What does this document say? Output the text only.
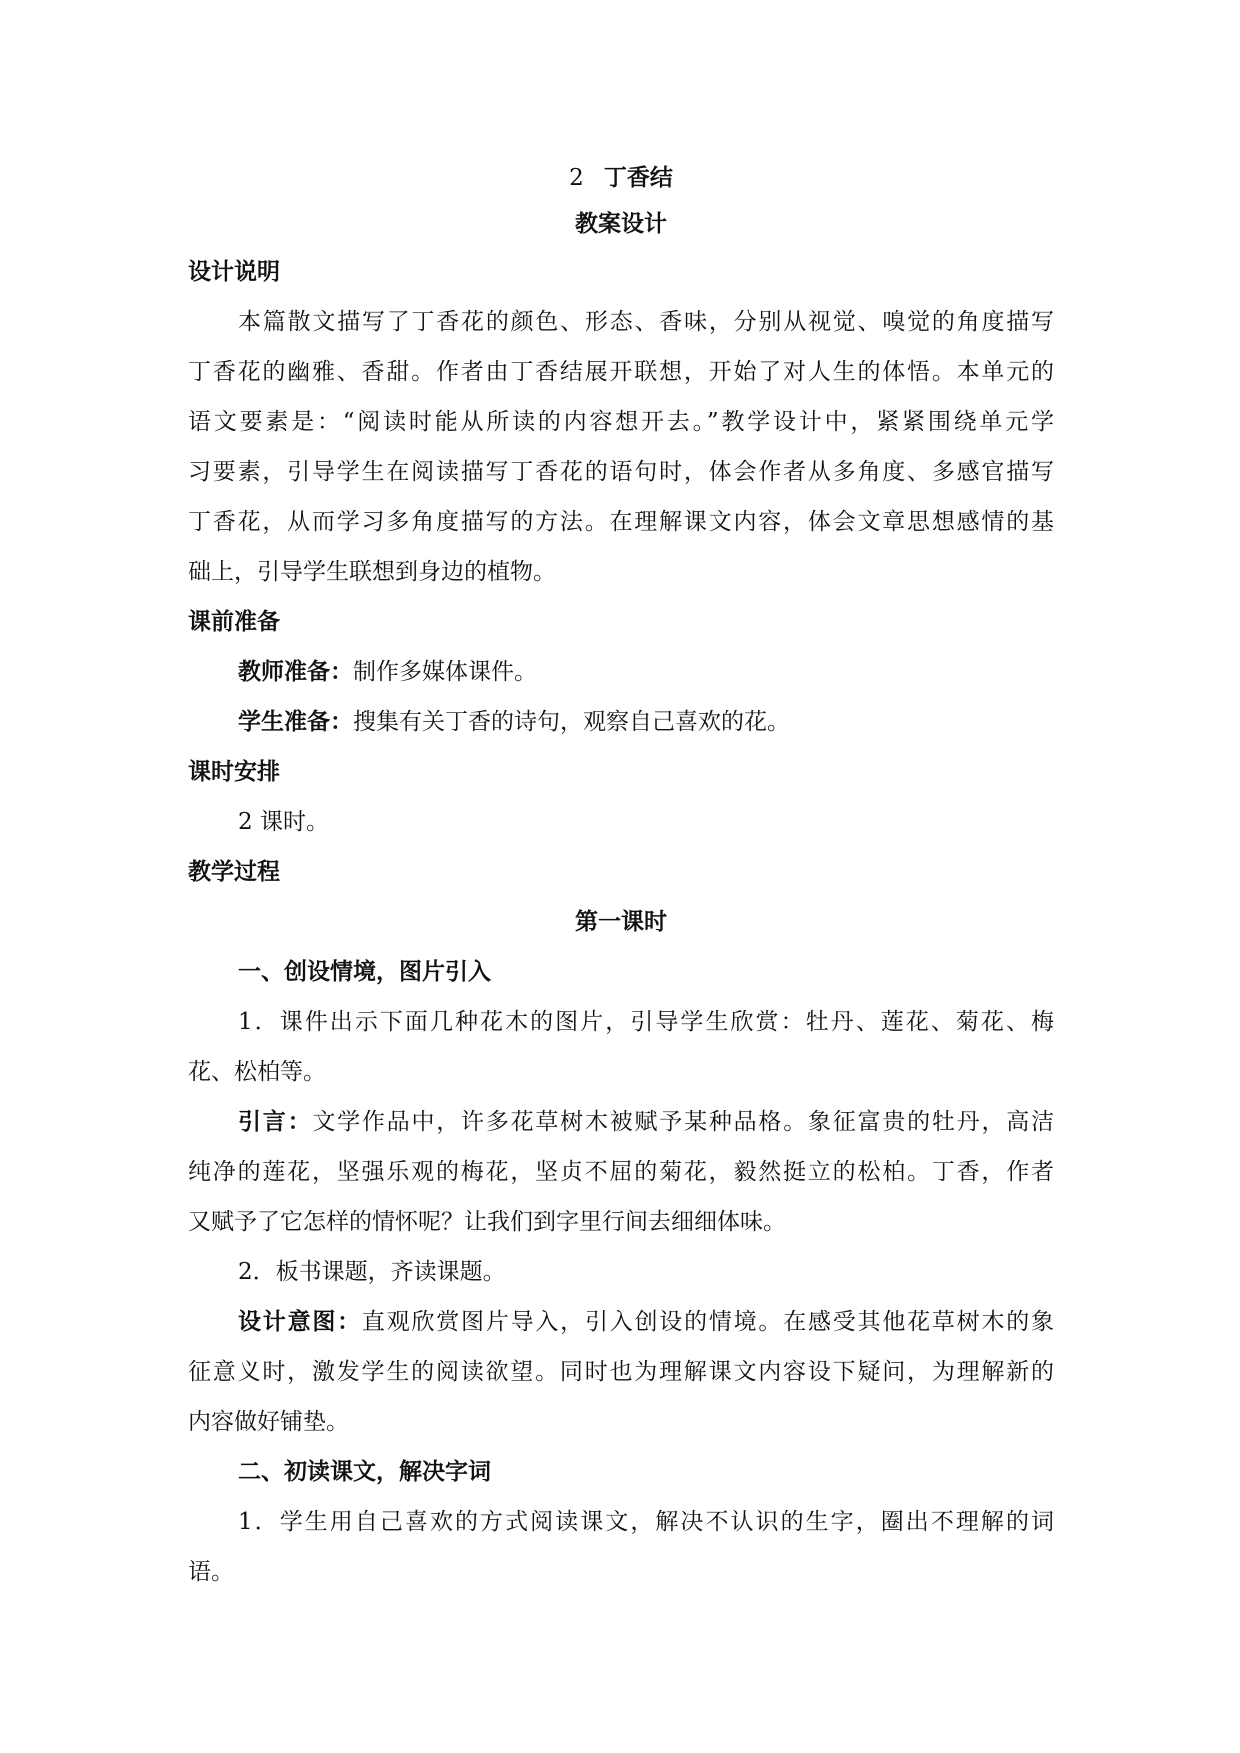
2 丁香结
教案设计
设计说明
本篇散文描写了丁香花的颜色、形态、香味，分别从视觉、嗅觉的角度描写
丁香花的幽雅、香甜。作者由丁香结展开联想，开始了对人生的体悟。本单元的
语文要素是：“阅读时能从所读的内容想开去。”教学设计中，紧紧围绕单元学
习要素，引导学生在阅读描写丁香花的语句时，体会作者从多角度、多感官描写
丁香花，从而学习多角度描写的方法。在理解课文内容，体会文章思想感情的基
础上，引导学生联想到身边的植物。
课前准备
教师准备：制作多媒体课件。
学生准备：搜集有关丁香的诗句，观察自己喜欢的花。
课时安排
2 课时。
教学过程
第一课时
一、创设情境，图片引入
1．课件出示下面几种花木的图片，引导学生欣赏：牡丹、莲花、菊花、梅
花、松柏等。
引言：文学作品中，许多花草树木被赋予某种品格。象征富贵的牡丹，高洁
纯净的莲花，坚强乐观的梅花，坚贞不屈的菊花，毅然挺立的松柏。丁香，作者
又赋予了它怎样的情怀呢？让我们到字里行间去细细体味。
2．板书课题，齐读课题。
设计意图：直观欣赏图片导入，引入创设的情境。在感受其他花草树木的象
征意义时，激发学生的阅读欲望。同时也为理解课文内容设下疑问，为理解新的
内容做好铺垫。
二、初读课文，解决字词
1．学生用自己喜欢的方式阅读课文，解决不认识的生字，圈出不理解的词
语。
